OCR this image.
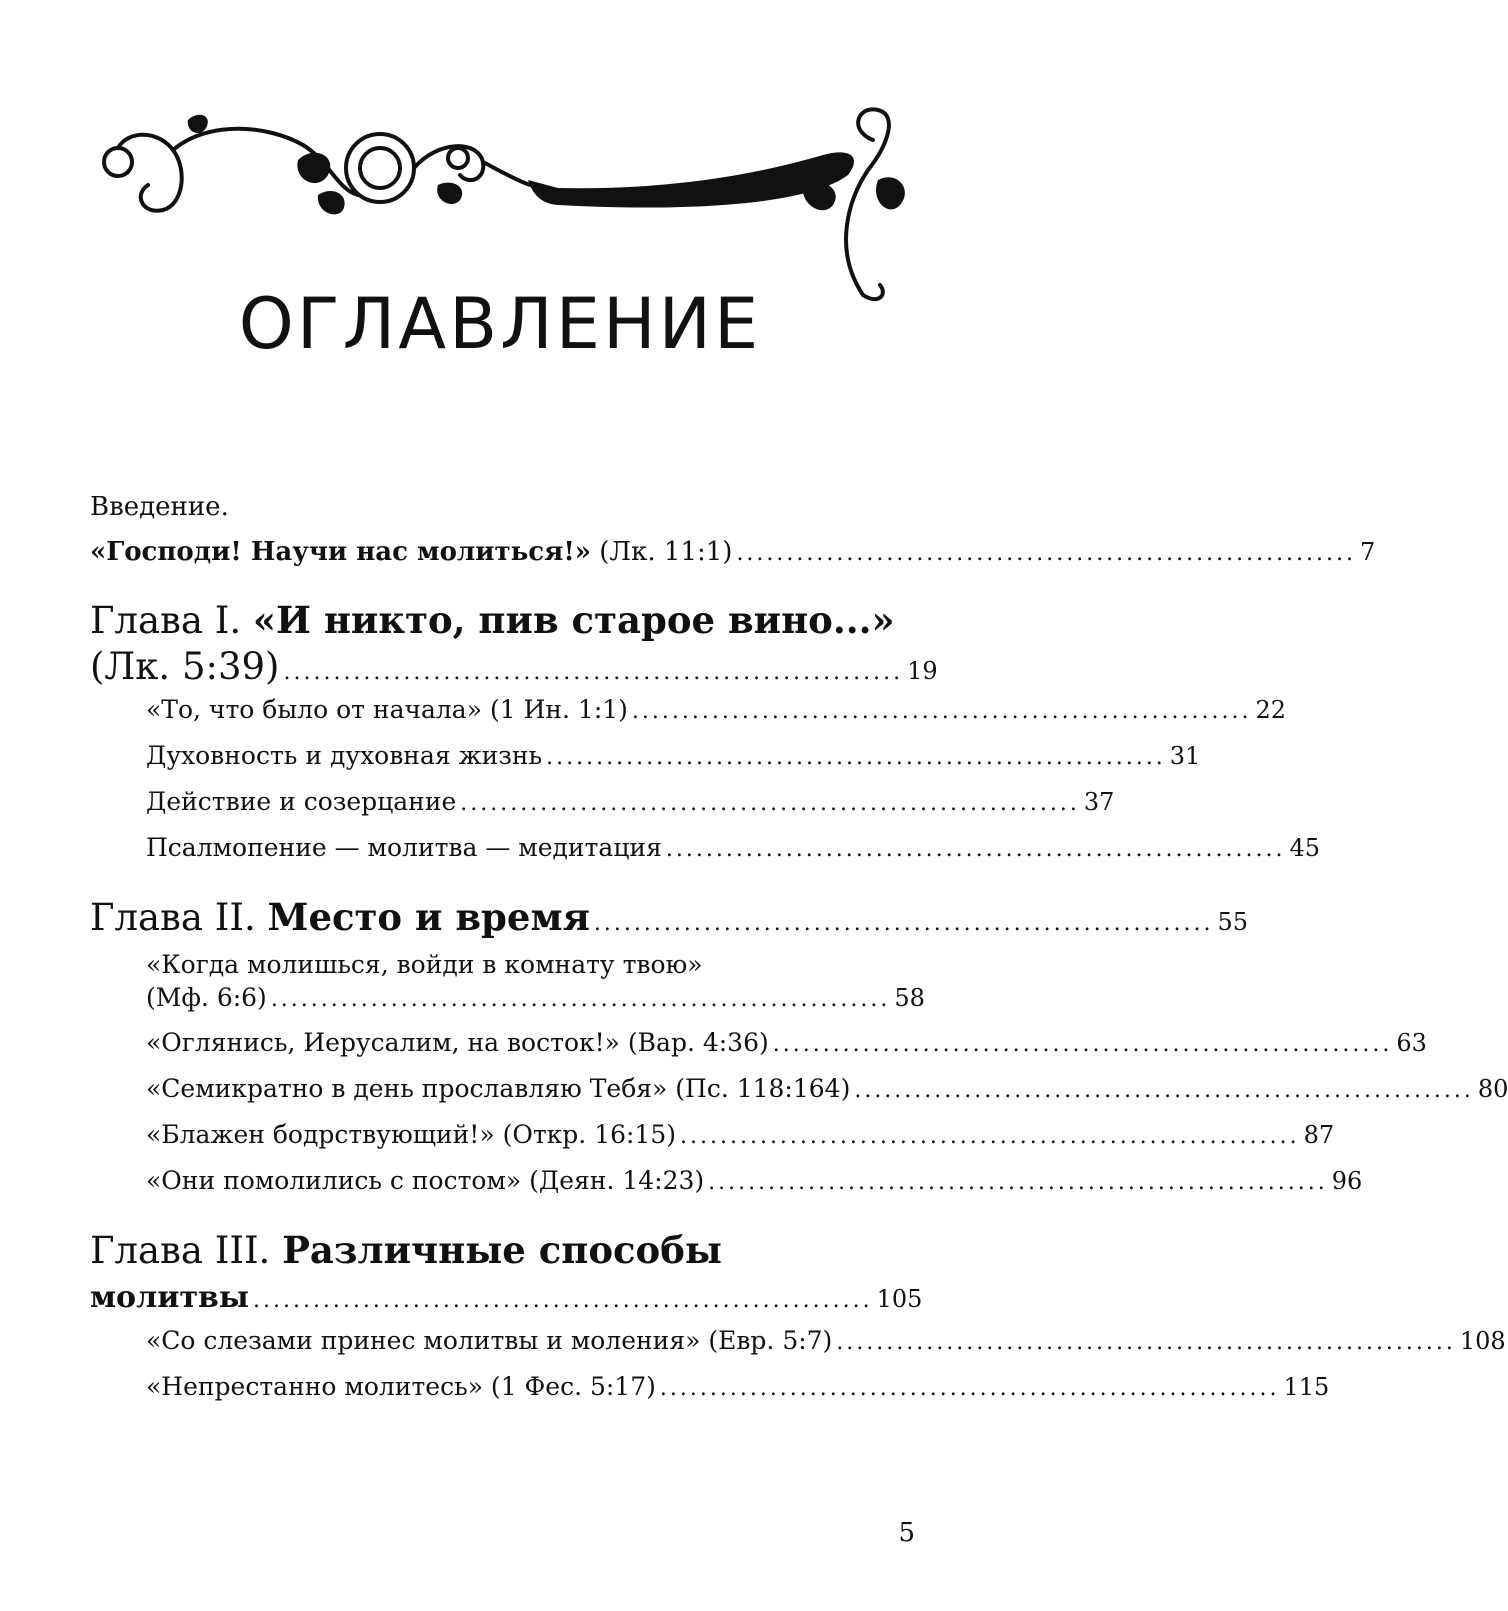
ОГЛАВЛЕНИЕ
Введение.
«Господи! Научи нас молиться!»
(Лк. 11:1) .............................................................. 7
Глава I.
«И никто, пив старое вино...»
(Лк. 5:39) .............................................................. 19
«То, что было от начала» (1 Ин. 1:1) .............................................................. 22
Духовность и духовная жизнь .............................................................. 31
Действие и созерцание .............................................................. 37
Псалмопение — молитва — медитация .............................................................. 45
Глава II.
Место и время .............................................................. 55
«Когда молишься, войди в комнату твою»
(Мф. 6:6) .............................................................. 58
«Оглянись, Иерусалим, на восток!» (Вар. 4:36) .............................................................. 63
«Семикратно в день прославляю Тебя» (Пс. 118:164) .............................................................. 80
«Блажен бодрствующий!» (Откр. 16:15) .............................................................. 87
«Они помолились с постом» (Деян. 14:23) .............................................................. 96
Глава III.
Различные способы
молитвы .............................................................. 105
«Со слезами принес молитвы и моления» (Евр. 5:7) .............................................................. 108
«Непрестанно молитесь» (1 Фес. 5:17) .............................................................. 115
5
